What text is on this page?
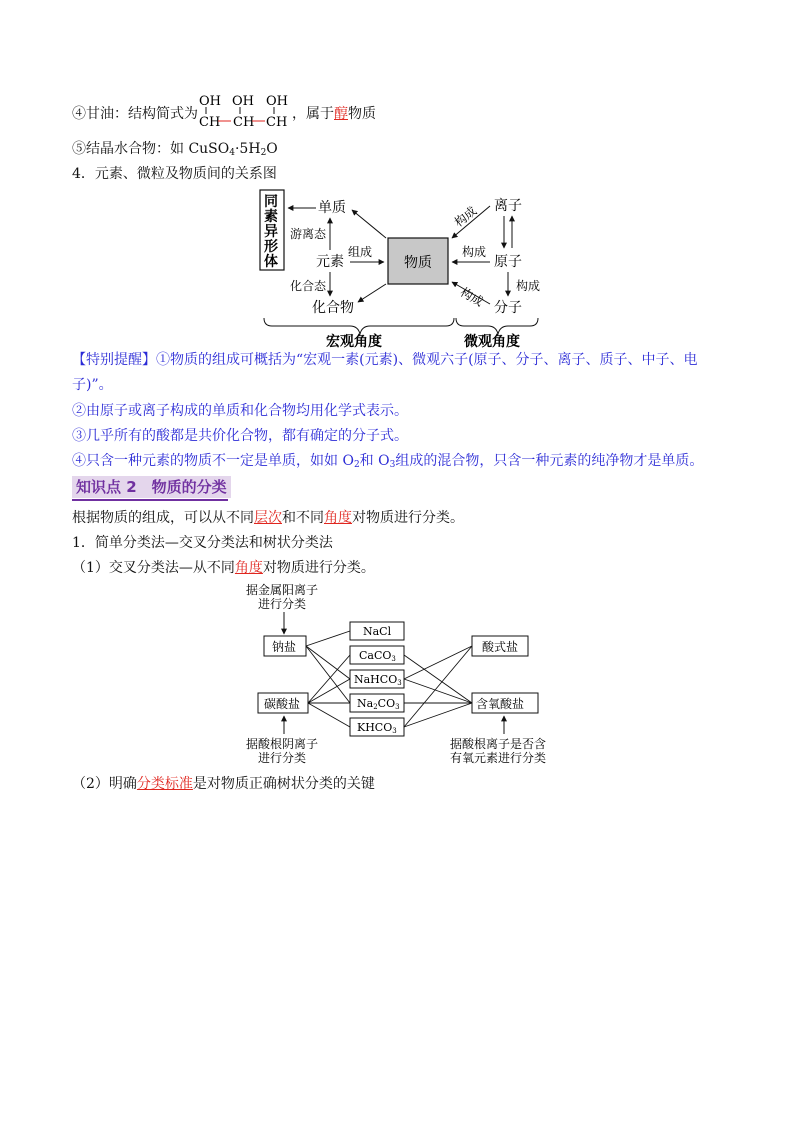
④甘油：结构简式为
OH OH OH
CH CH CH
，属于醇物质
⑤结晶水合物：如 $CuSO_4\cdot 5H_2O$
4．元素、微粒及物质间的关系图
同
素
异
形
体
单质
游离态
元素
化合态
化合物
组成
物质
离子
原子
分子
构成
构成
构成	构成
宏观角度	微观角度
【特别提醒】①物质的组成可概括为“宏观一素(元素)、微观六子(原子、分子、离子、质子、中子、电
子)”。
②由原子或离子构成的单质和化合物均用化学式表示。
③几乎所有的酸都是共价化合物，都有确定的分子式。
④只含一种元素的物质不一定是单质，如如 $O_2$和 $O_3$组成的混合物，只含一种元素的纯净物才是单质。
知识点 2　物质的分类
根据物质的组成，可以从不同层次和不同角度对物质进行分类。
1．简单分类法—交叉分类法和树状分类法
（1）交叉分类法—从不同角度对物质进行分类。
据金属阳离子
进行分类
钠盐
碳酸盐
据酸根阴离子
进行分类
NaCl
CaCO3
NaHCO3
Na2CO3
KHCO3
酸式盐
含氧酸盐
据酸根离子是否含
有氧元素进行分类
（2）明确分类标准是对物质正确树状分类的关键
